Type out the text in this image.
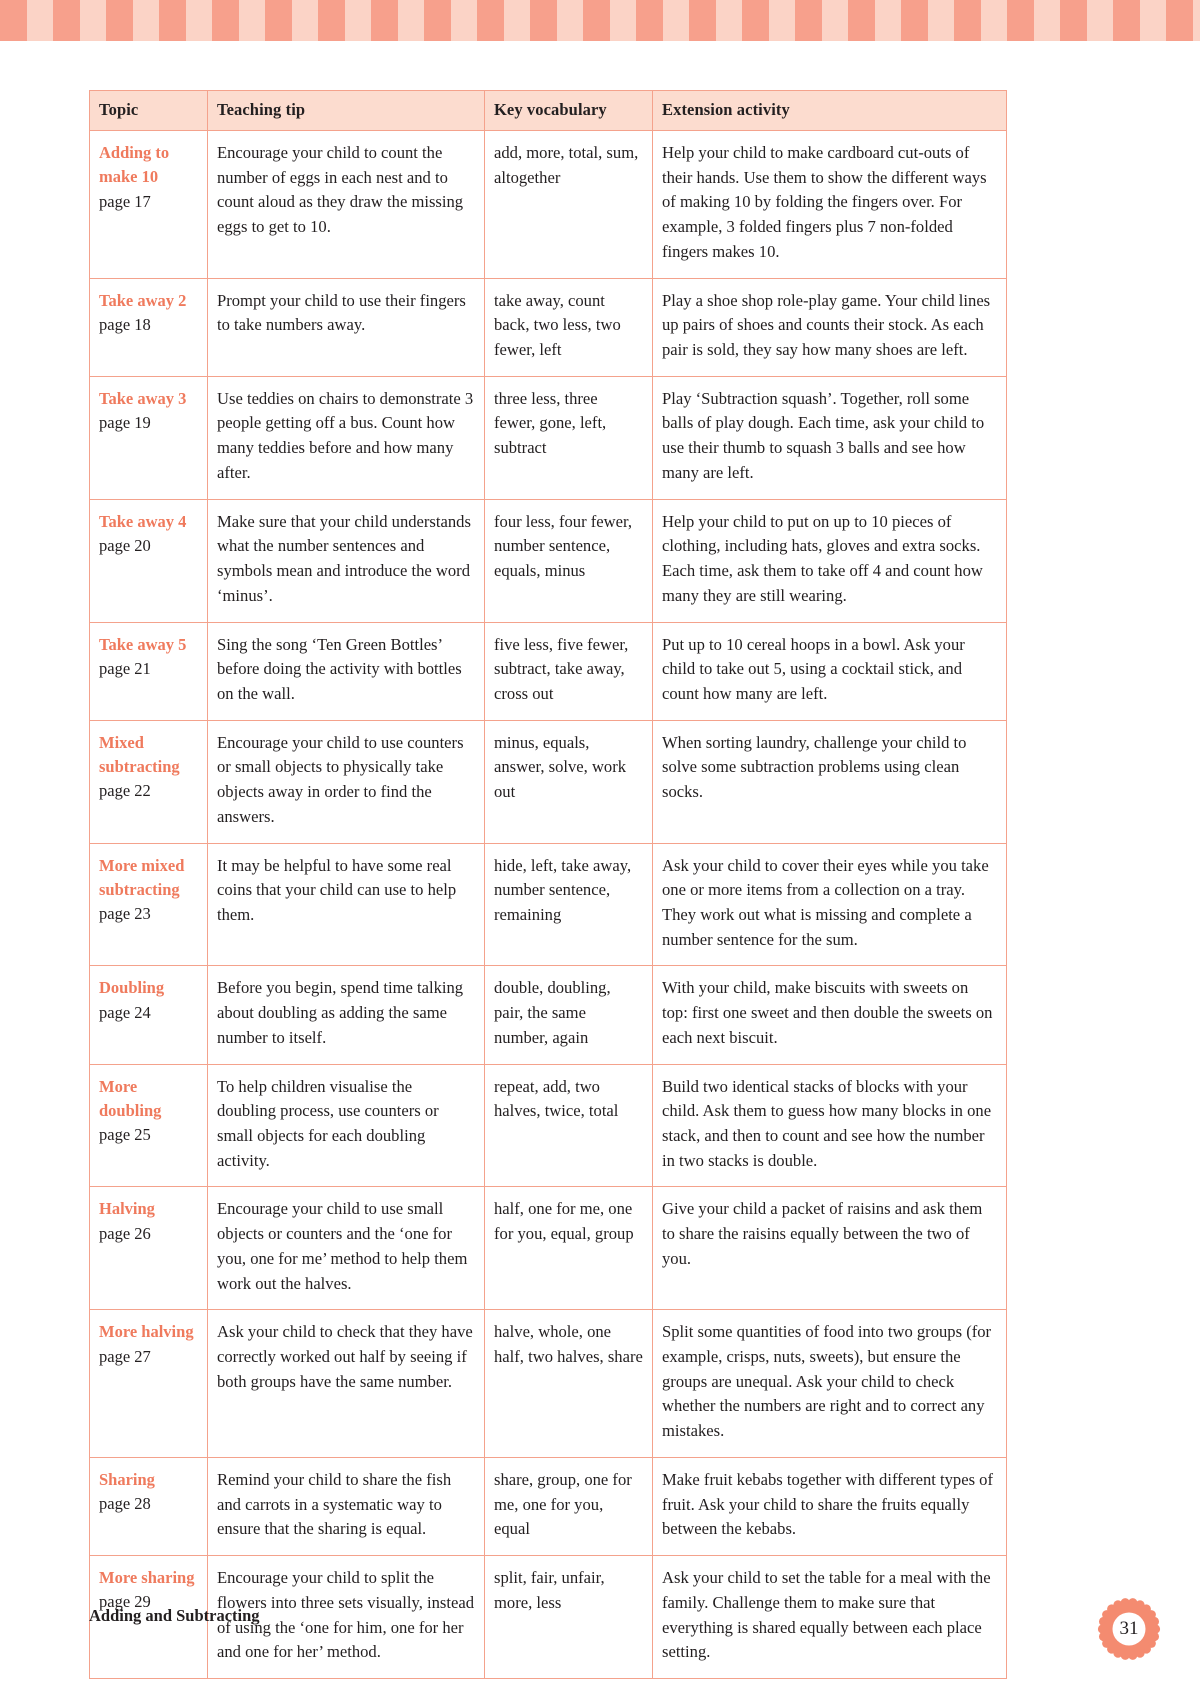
Topic	Teaching tip	Key vocabulary	Extension activity

Adding to make 10
page 17	Encourage your child to count the number of eggs in each nest and to count aloud as they draw the missing eggs to get to 10.	add, more, total, sum, altogether	Help your child to make cardboard cut-outs of their hands. Use them to show the different ways of making 10 by folding the fingers over. For example, 3 folded fingers plus 7 non-folded fingers makes 10.

Take away 2
page 18	Prompt your child to use their fingers to take numbers away.	take away, count back, two less, two fewer, left	Play a shoe shop role-play game. Your child lines up pairs of shoes and counts their stock. As each pair is sold, they say how many shoes are left.

Take away 3
page 19	Use teddies on chairs to demonstrate 3 people getting off a bus. Count how many teddies before and how many after.	three less, three fewer, gone, left, subtract	Play ‘Subtraction squash’. Together, roll some balls of play dough. Each time, ask your child to use their thumb to squash 3 balls and see how many are left.

Take away 4
page 20	Make sure that your child understands what the number sentences and symbols mean and introduce the word ‘minus’.	four less, four fewer, number sentence, equals, minus	Help your child to put on up to 10 pieces of clothing, including hats, gloves and extra socks. Each time, ask them to take off 4 and count how many they are still wearing.

Take away 5
page 21	Sing the song ‘Ten Green Bottles’ before doing the activity with bottles on the wall.	five less, five fewer, subtract, take away, cross out	Put up to 10 cereal hoops in a bowl. Ask your child to take out 5, using a cocktail stick, and count how many are left.

Mixed subtracting
page 22	Encourage your child to use counters or small objects to physically take objects away in order to find the answers.	minus, equals, answer, solve, work out	When sorting laundry, challenge your child to solve some subtraction problems using clean socks.

More mixed subtracting
page 23	It may be helpful to have some real coins that your child can use to help them.	hide, left, take away, number sentence, remaining	Ask your child to cover their eyes while you take one or more items from a collection on a tray. They work out what is missing and complete a number sentence for the sum.

Doubling
page 24	Before you begin, spend time talking about doubling as adding the same number to itself.	double, doubling, pair, the same number, again	With your child, make biscuits with sweets on top: first one sweet and then double the sweets on each next biscuit.

More doubling
page 25	To help children visualise the doubling process, use counters or small objects for each doubling activity.	repeat, add, two halves, twice, total	Build two identical stacks of blocks with your child. Ask them to guess how many blocks in one stack, and then to count and see how the number in two stacks is double.

Halving
page 26	Encourage your child to use small objects or counters and the ‘one for you, one for me’ method to help them work out the halves.	half, one for me, one for you, equal, group	Give your child a packet of raisins and ask them to share the raisins equally between the two of you.

More halving
page 27	Ask your child to check that they have correctly worked out half by seeing if both groups have the same number.	halve, whole, one half, two halves, share	Split some quantities of food into two groups (for example, crisps, nuts, sweets), but ensure the groups are unequal. Ask your child to check whether the numbers are right and to correct any mistakes.

Sharing
page 28	Remind your child to share the fish and carrots in a systematic way to ensure that the sharing is equal.	share, group, one for me, one for you, equal	Make fruit kebabs together with different types of fruit. Ask your child to share the fruits equally between the kebabs.

More sharing
page 29	Encourage your child to split the flowers into three sets visually, instead of using the ‘one for him, one for her and one for her’ method.	split, fair, unfair, more, less	Ask your child to set the table for a meal with the family. Challenge them to make sure that everything is shared equally between each place setting.
Adding and Subtracting
31
